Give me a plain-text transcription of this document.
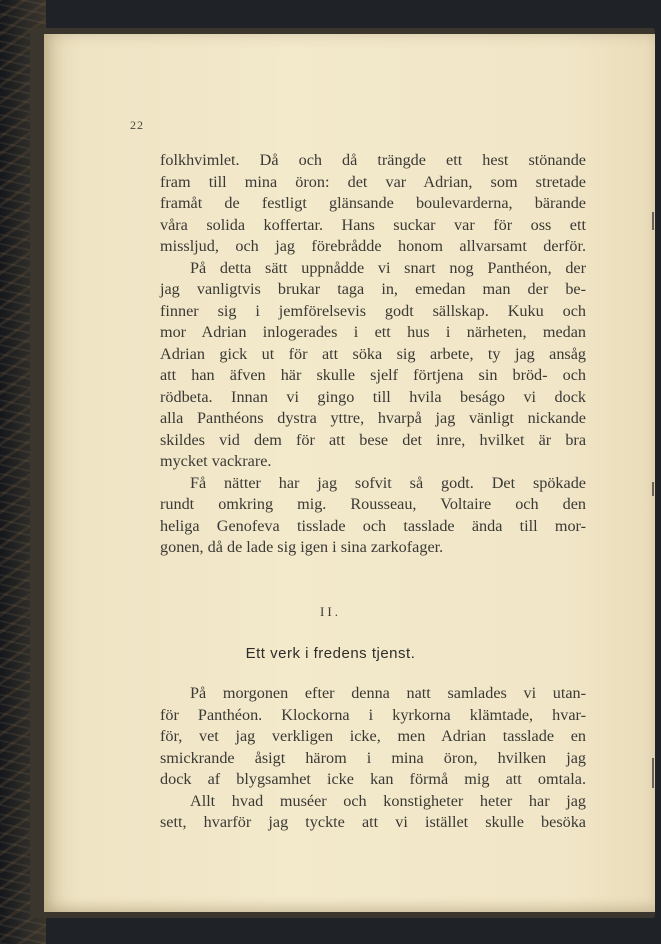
22
folkhvimlet. Då och då trängde ett hest stönande
fram till mina öron: det var Adrian, som stretade
framåt de festligt glänsande boulevarderna, bärande
våra solida koffertar. Hans suckar var för oss ett
missljud, och jag förebrådde honom allvarsamt derför.
På detta sätt uppnådde vi snart nog Panthéon, der
jag vanligtvis brukar taga in, emedan man der be-
finner sig i jemförelsevis godt sällskap. Kuku och
mor Adrian inlogerades i ett hus i närheten, medan
Adrian gick ut för att söka sig arbete, ty jag ansåg
att han äfven här skulle sjelf förtjena sin bröd- och
rödbeta. Innan vi gingo till hvila beságo vi dock
alla Panthéons dystra yttre, hvarpå jag vänligt nickande
skildes vid dem för att bese det inre, hvilket är bra
mycket vackrare.
Få nätter har jag sofvit så godt. Det spökade
rundt omkring mig. Rousseau, Voltaire och den
heliga Genofeva tisslade och tasslade ända till mor-
gonen, då de lade sig igen i sina zarkofager.
II.
Ett verk i fredens tjenst.
På morgonen efter denna natt samlades vi utan-
för Panthéon. Klockorna i kyrkorna klämtade, hvar-
för, vet jag verkligen icke, men Adrian tasslade en
smickrande åsigt härom i mina öron, hvilken jag
dock af blygsamhet icke kan förmå mig att omtala.
Allt hvad muséer och konstigheter heter har jag
sett, hvarför jag tyckte att vi istället skulle besöka
